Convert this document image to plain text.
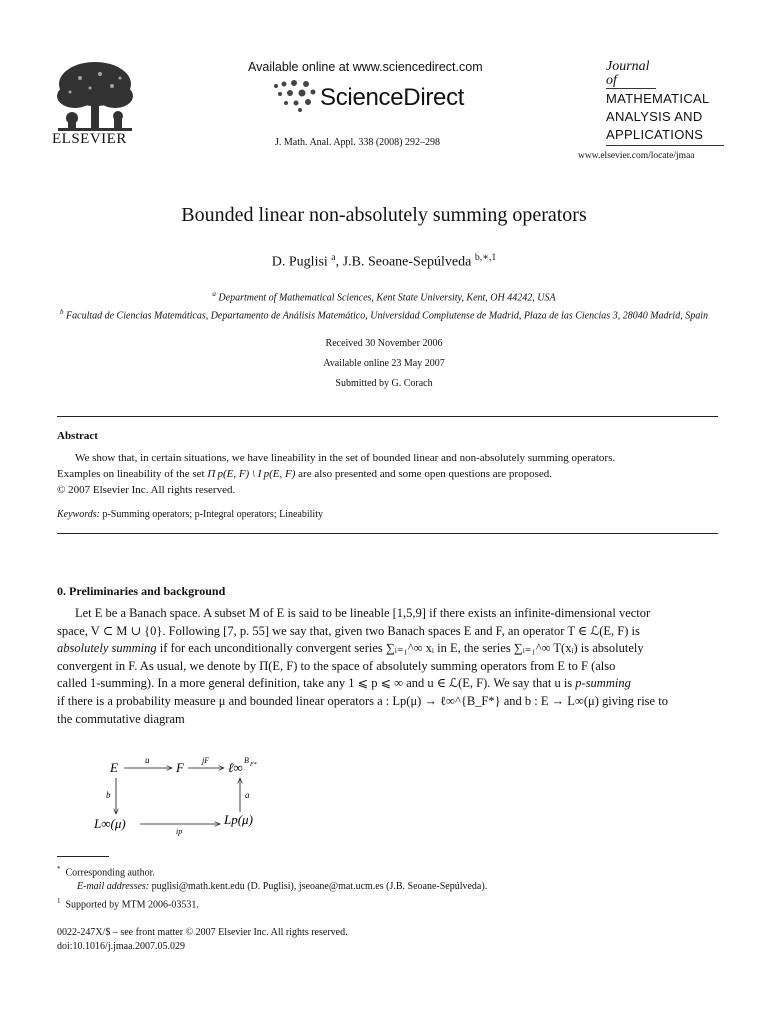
ELSEVIER
Available online at www.sciencedirect.com
ScienceDirect
J. Math. Anal. Appl. 338 (2008) 292–298
Journal of
MATHEMATICAL
ANALYSIS AND
APPLICATIONS
www.elsevier.com/locate/jmaa
Bounded linear non-absolutely summing operators
D. Puglisi $^a$, J.B. Seoane-Sepúlveda $^{b,∗,1}$
$^a$ Department of Mathematical Sciences, Kent State University, Kent, OH 44242, USA
$^b$ Facultad de Ciencias Matemáticas, Departamento de Análisis Matemático, Universidad Complutense de Madrid, Plaza de las Ciencias 3, 28040 Madrid, Spain
Received 30 November 2006
Available online 23 May 2007
Submitted by G. Corach
Abstract

We show that, in certain situations, we have lineability in the set of bounded linear and non-absolutely summing operators.

Examples on lineability of the set Π p(E, F) \ I p(E, F) are also presented and some open questions are proposed.

© 2007 Elsevier Inc. All rights reserved.

Keywords: p-Summing operators; p-Integral operators; Lineability
0. Preliminaries and background

Let E be a Banach space. A subset M of E is said to be lineable [1,5,9] if there exists an infinite-dimensional vector

space, V ⊂ M ∪ {0}. Following [7, p. 55] we say that, given two Banach spaces E and F, an operator T ∈ ℒ(E, F) is
absolutely summing if for each unconditionally convergent series ∑ᵢ₌₁^∞ xᵢ in E, the series ∑ᵢ₌₁^∞ T(xᵢ) is absolutely
convergent in F. As usual, we denote by Π(E, F) to the space of absolutely summing operators from E to F (also
called 1-summing). In a more general definition, take any 1 ⩽ p ⩽ ∞ and u ∈ ℒ(E, F). We say that u is p-summing
if there is a probability measure μ and bounded linear operators a : Lp(μ) → ℓ∞^{B_F*} and b : E → L∞(μ) giving rise to
the commutative diagram
E	F	ℓ∞ B F*
L∞(μ)	Lp(μ)
u	jF
b	a
ip
* Corresponding author.
E-mail addresses: puglisi@math.kent.edu (D. Puglisi), jseoane@mat.ucm.es (J.B. Seoane-Sepúlveda).
$^1$ Supported by MTM 2006-03531.
0022-247X/$ – see front matter © 2007 Elsevier Inc. All rights reserved.
doi:10.1016/j.jmaa.2007.05.029
